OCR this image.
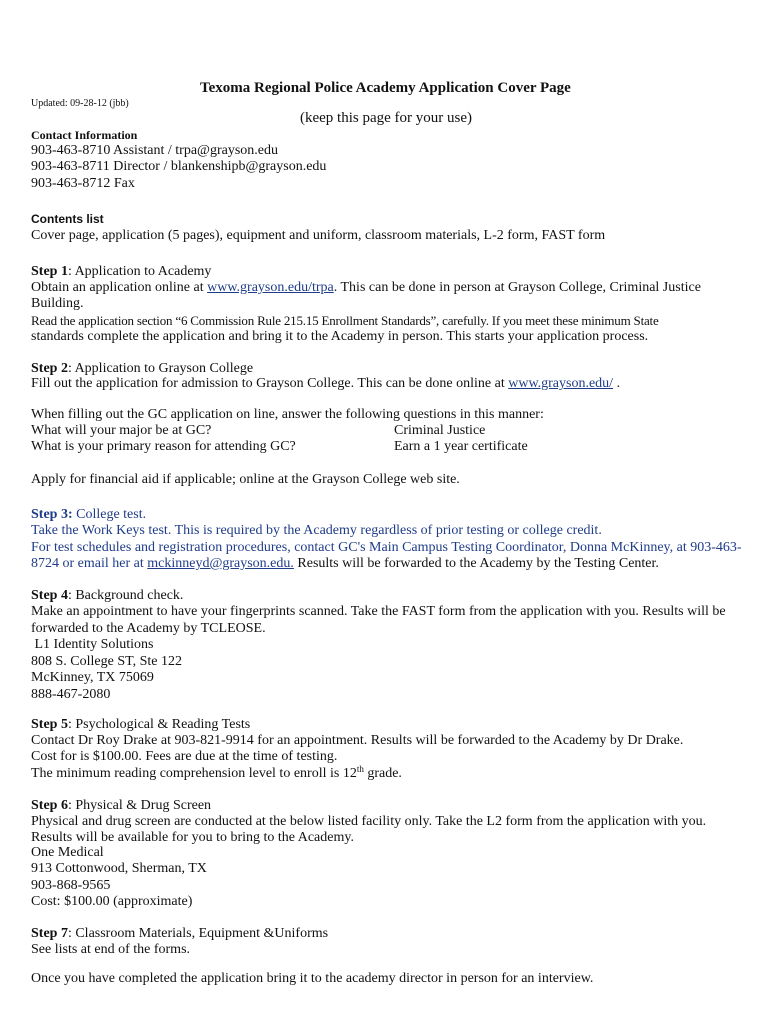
Texoma Regional Police Academy Application Cover Page
Updated: 09-28-12 (jbb)
(keep this page for your use)
Contact Information
903-463-8710 Assistant / trpa@grayson.edu
903-463-8711 Director / blankenshipb@grayson.edu
903-463-8712 Fax
Contents list
Cover page, application (5 pages), equipment and uniform, classroom materials, L-2 form, FAST form
Step 1: Application to Academy
Obtain an application online at www.grayson.edu/trpa. This can be done in person at Grayson College, Criminal Justice
Building.
Read the application section “6 Commission Rule 215.15 Enrollment Standards”, carefully. If you meet these minimum State
standards complete the application and bring it to the Academy in person. This starts your application process.
Step 2: Application to Grayson College
Fill out the application for admission to Grayson College. This can be done online at www.grayson.edu/ .
When filling out the GC application on line, answer the following questions in this manner:
What will your major be at GC?	Criminal Justice
What is your primary reason for attending GC?	Earn a 1 year certificate
Apply for financial aid if applicable; online at the Grayson College web site.
Step 3: College test.
Take the Work Keys test. This is required by the Academy regardless of prior testing or college credit.
For test schedules and registration procedures, contact GC's Main Campus Testing Coordinator, Donna McKinney, at 903-463-
8724 or email her at mckinneyd@grayson.edu. Results will be forwarded to the Academy by the Testing Center.
Step 4: Background check.
Make an appointment to have your fingerprints scanned. Take the FAST form from the application with you. Results will be
forwarded to the Academy by TCLEOSE.
L1 Identity Solutions
808 S. College ST, Ste 122
McKinney, TX 75069
888-467-2080
Step 5: Psychological & Reading Tests
Contact Dr Roy Drake at 903-821-9914 for an appointment. Results will be forwarded to the Academy by Dr Drake.
Cost for is $100.00. Fees are due at the time of testing.
The minimum reading comprehension level to enroll is 12th grade.
Step 6: Physical & Drug Screen
Physical and drug screen are conducted at the below listed facility only. Take the L2 form from the application with you.
Results will be available for you to bring to the Academy.
One Medical
913 Cottonwood, Sherman, TX
903-868-9565
Cost: $100.00 (approximate)
Step 7: Classroom Materials, Equipment &Uniforms
See lists at end of the forms.
Once you have completed the application bring it to the academy director in person for an interview.
